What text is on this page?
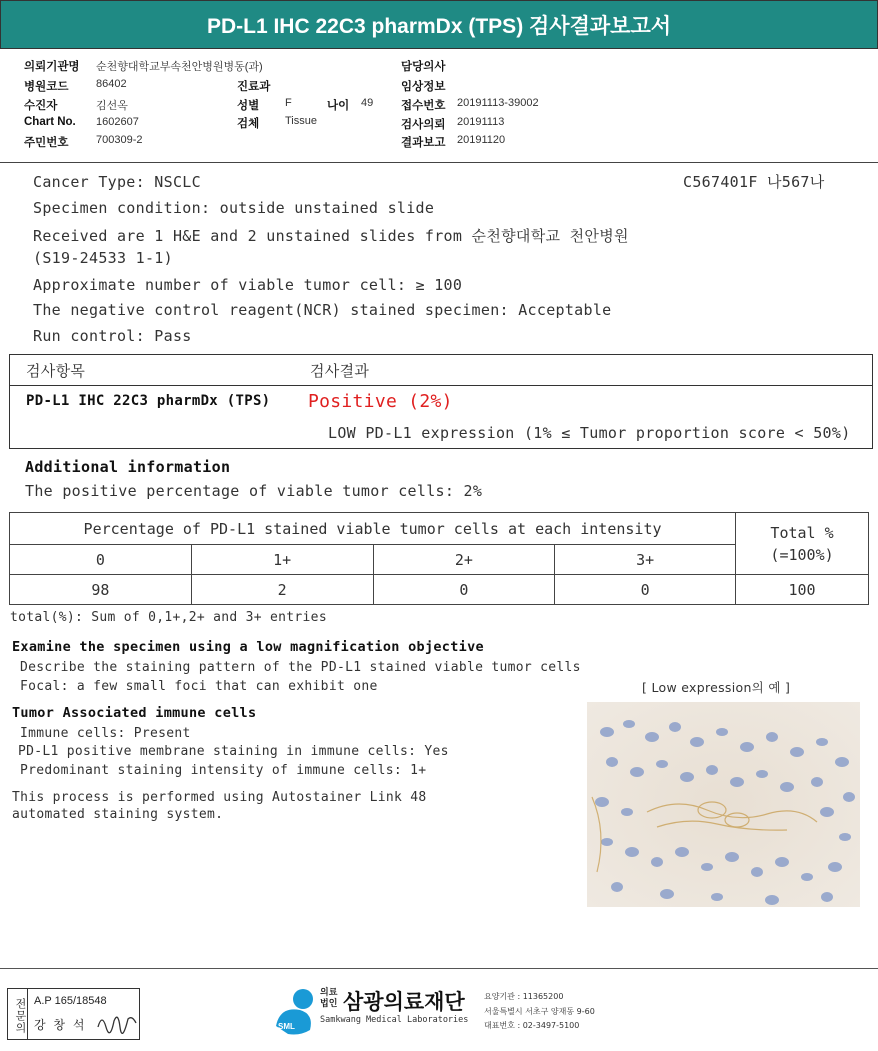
PD-L1 IHC 22C3 pharmDx (TPS) 검사결과보고서
의뢰기관명 순천향대학교부속천안병원병동(과)	담당의사
병원코드	86402	진료과	임상정보
수진자	김선옥	성별 F	나이 49 접수번호 20191113-39002
Chart No. 1602607	검체 Tissue	검사의뢰 20191113
주민번호	700309-2	결과보고 20191120
Cancer Type: NSCLC	C567401F 나567나
Specimen condition: outside unstained slide
Received are 1 H&E and 2 unstained slides from 순천향대학교 천안병원
(S19-24533 1-1)
Approximate number of viable tumor cell: ≥ 100
The negative control reagent(NCR) stained specimen: Acceptable
Run control: Pass
검사항목	검사결과
PD-L1 IHC 22C3 pharmDx (TPS) Positive (2%)
LOW PD-L1 expression (1% ≤ Tumor proportion score < 50%)
Additional information
The positive percentage of viable tumor cells: 2%
Percentage of PD-L1 stained viable tumor cells at each intensity				Total %
(=100%)

0	1+	2+	3+	
98	2	0	0	100
total(%): Sum of 0,1+,2+ and 3+ entries
Examine the specimen using a low magnification objective
Describe the staining pattern of the PD-L1 stained viable tumor cells
Focal: a few small foci that can exhibit one	[ Low expression의 예 ]
Tumor Associated immune cells
Immune cells: Present
PD-L1 positive membrane staining in immune cells: Yes
Predominant staining intensity of immune cells: 1+
This process is performed using Autostainer Link 48
automated staining system.
전문의 A.P 165/18548
강 창 석	SML
의료
법인 삼광의료재단
Samkwang Medical Laboratories
요양기관 : 11365200
서울특별시 서초구 양재동 9-60
대표번호 : 02-3497-5100
